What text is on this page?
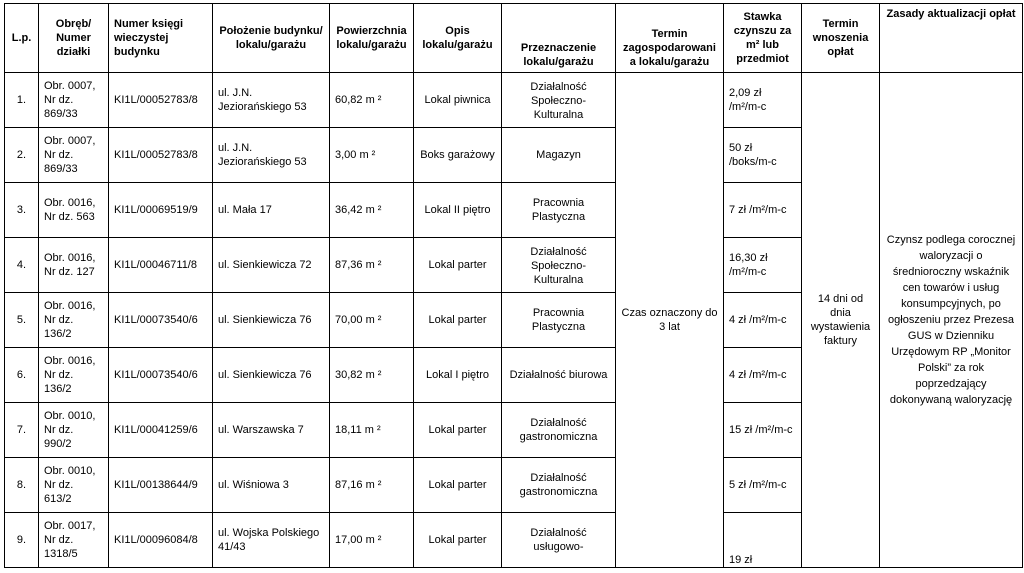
L.p.	Obręb/ Numer działki	Numer księgi wieczystej budynku	Położenie budynku/ lokalu/garażu	Powierzchnia lokalu/garażu	Opis lokalu/garażu	Przeznaczenie lokalu/garażu	Termin zagospodarowania lokalu/garażu	Stawka czynszu za m² lub przedmiot	Termin wnoszenia opłat	Zasady aktualizacji opłat

1.	Obr. 0007, Nr dz. 869/33	KI1L/00052783/8	ul. J.N. Jeziorańskiego 53	60,82 m ²	Lokal piwnica	Działalność Społeczno-Kulturalna	Czas oznaczony do 3 lat	2,09 zł /m²/m-c	14 dni od dnia wystawienia faktury	Czynsz podlega corocznej waloryzacji o średnioroczny wskaźnik cen towarów i usług konsumpcyjnych, po ogłoszeniu przez Prezesa GUS w Dzienniku Urzędowym RP „Monitor Polski” za rok poprzedzający dokonywaną waloryzację

2.	Obr. 0007, Nr dz. 869/33	KI1L/00052783/8	ul. J.N. Jeziorańskiego 53	3,00 m ²	Boks garażowy	Magazyn		50 zł /boks/m-c		

3.	Obr. 0016, Nr dz. 563	KI1L/00069519/9	ul. Mała 17	36,42 m ²	Lokal II piętro	Pracownia Plastyczna		7 zł /m²/m-c		

4.	Obr. 0016, Nr dz. 127	KI1L/00046711/8	ul. Sienkiewicza 72	87,36 m ²	Lokal parter	Działalność Społeczno-Kulturalna		16,30 zł /m²/m-c		

5.	Obr. 0016, Nr dz. 136/2	KI1L/00073540/6	ul. Sienkiewicza 76	70,00 m ²	Lokal parter	Pracownia Plastyczna		4 zł /m²/m-c		

6.	Obr. 0016, Nr dz. 136/2	KI1L/00073540/6	ul. Sienkiewicza 76	30,82 m ²	Lokal I piętro	Działalność biurowa		4 zł /m²/m-c		

7.	Obr. 0010, Nr dz. 990/2	KI1L/00041259/6	ul. Warszawska 7	18,11 m ²	Lokal parter	Działalność gastronomiczna		15 zł /m²/m-c		

8.	Obr. 0010, Nr dz. 613/2	KI1L/00138644/9	ul. Wiśniowa 3	87,16 m ²	Lokal parter	Działalność gastronomiczna		5 zł /m²/m-c		

9.	Obr. 0017, Nr dz. 1318/5	KI1L/00096084/8	ul. Wojska Polskiego 41/43	17,00 m ²	Lokal parter	Działalność usługowo-		19 zł		
